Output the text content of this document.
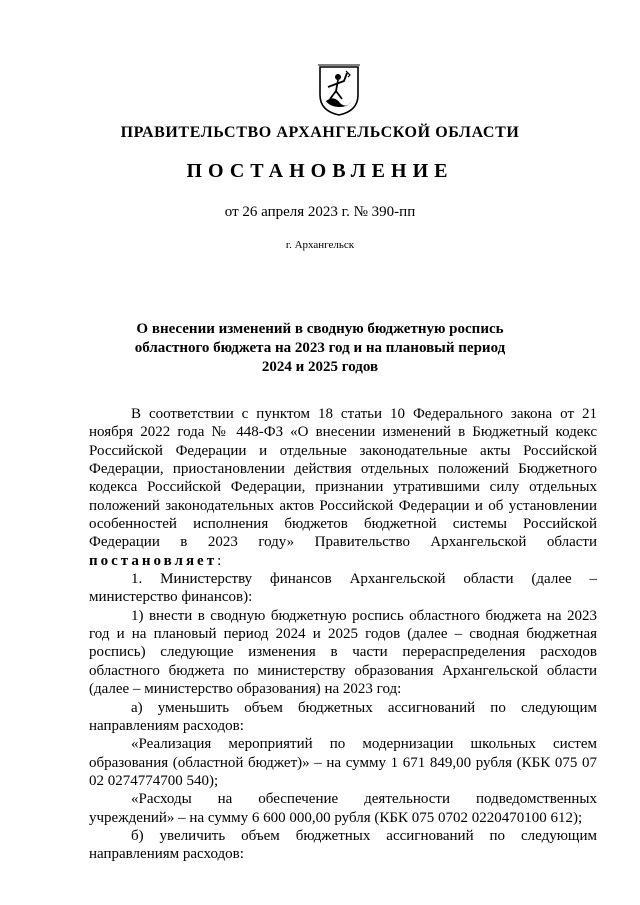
ПРАВИТЕЛЬСТВО АРХАНГЕЛЬСКОЙ ОБЛАСТИ
ПОСТАНОВЛЕНИЕ
от 26 апреля 2023 г. № 390-пп
г. Архангельск
О внесении изменений в сводную бюджетную роспись областного бюджета на 2023 год и на плановый период 2024 и 2025 годов

В соответствии с пунктом 18 статьи 10 Федерального закона от 21 ноября 2022 года № 448-ФЗ «О внесении изменений в Бюджетный кодекс Российской Федерации и отдельные законодательные акты Российской Федерации, приостановлении действия отдельных положений Бюджетного кодекса Российской Федерации, признании утратившими силу отдельных положений законодательных актов Российской Федерации и об установлении особенностей исполнения бюджетов бюджетной системы Российской Федерации в 2023 году» Правительство Архангельской области постановляет:

1. Министерству финансов Архангельской области (далее – министерство финансов):

1) внести в сводную бюджетную роспись областного бюджета на 2023 год и на плановый период 2024 и 2025 годов (далее – сводная бюджетная роспись) следующие изменения в части перераспределения расходов областного бюджета по министерству образования Архангельской области (далее – министерство образования) на 2023 год:

а) уменьшить объем бюджетных ассигнований по следующим направлениям расходов:

«Реализация мероприятий по модернизации школьных систем образования (областной бюджет)» – на сумму 1 671 849,00 рубля (КБК 075 07 02 0274774700 540);

«Расходы на обеспечение деятельности подведомственных учреждений» – на сумму 6 600 000,00 рубля (КБК 075 0702 0220470100 612);

б) увеличить объем бюджетных ассигнований по следующим направлениям расходов:
